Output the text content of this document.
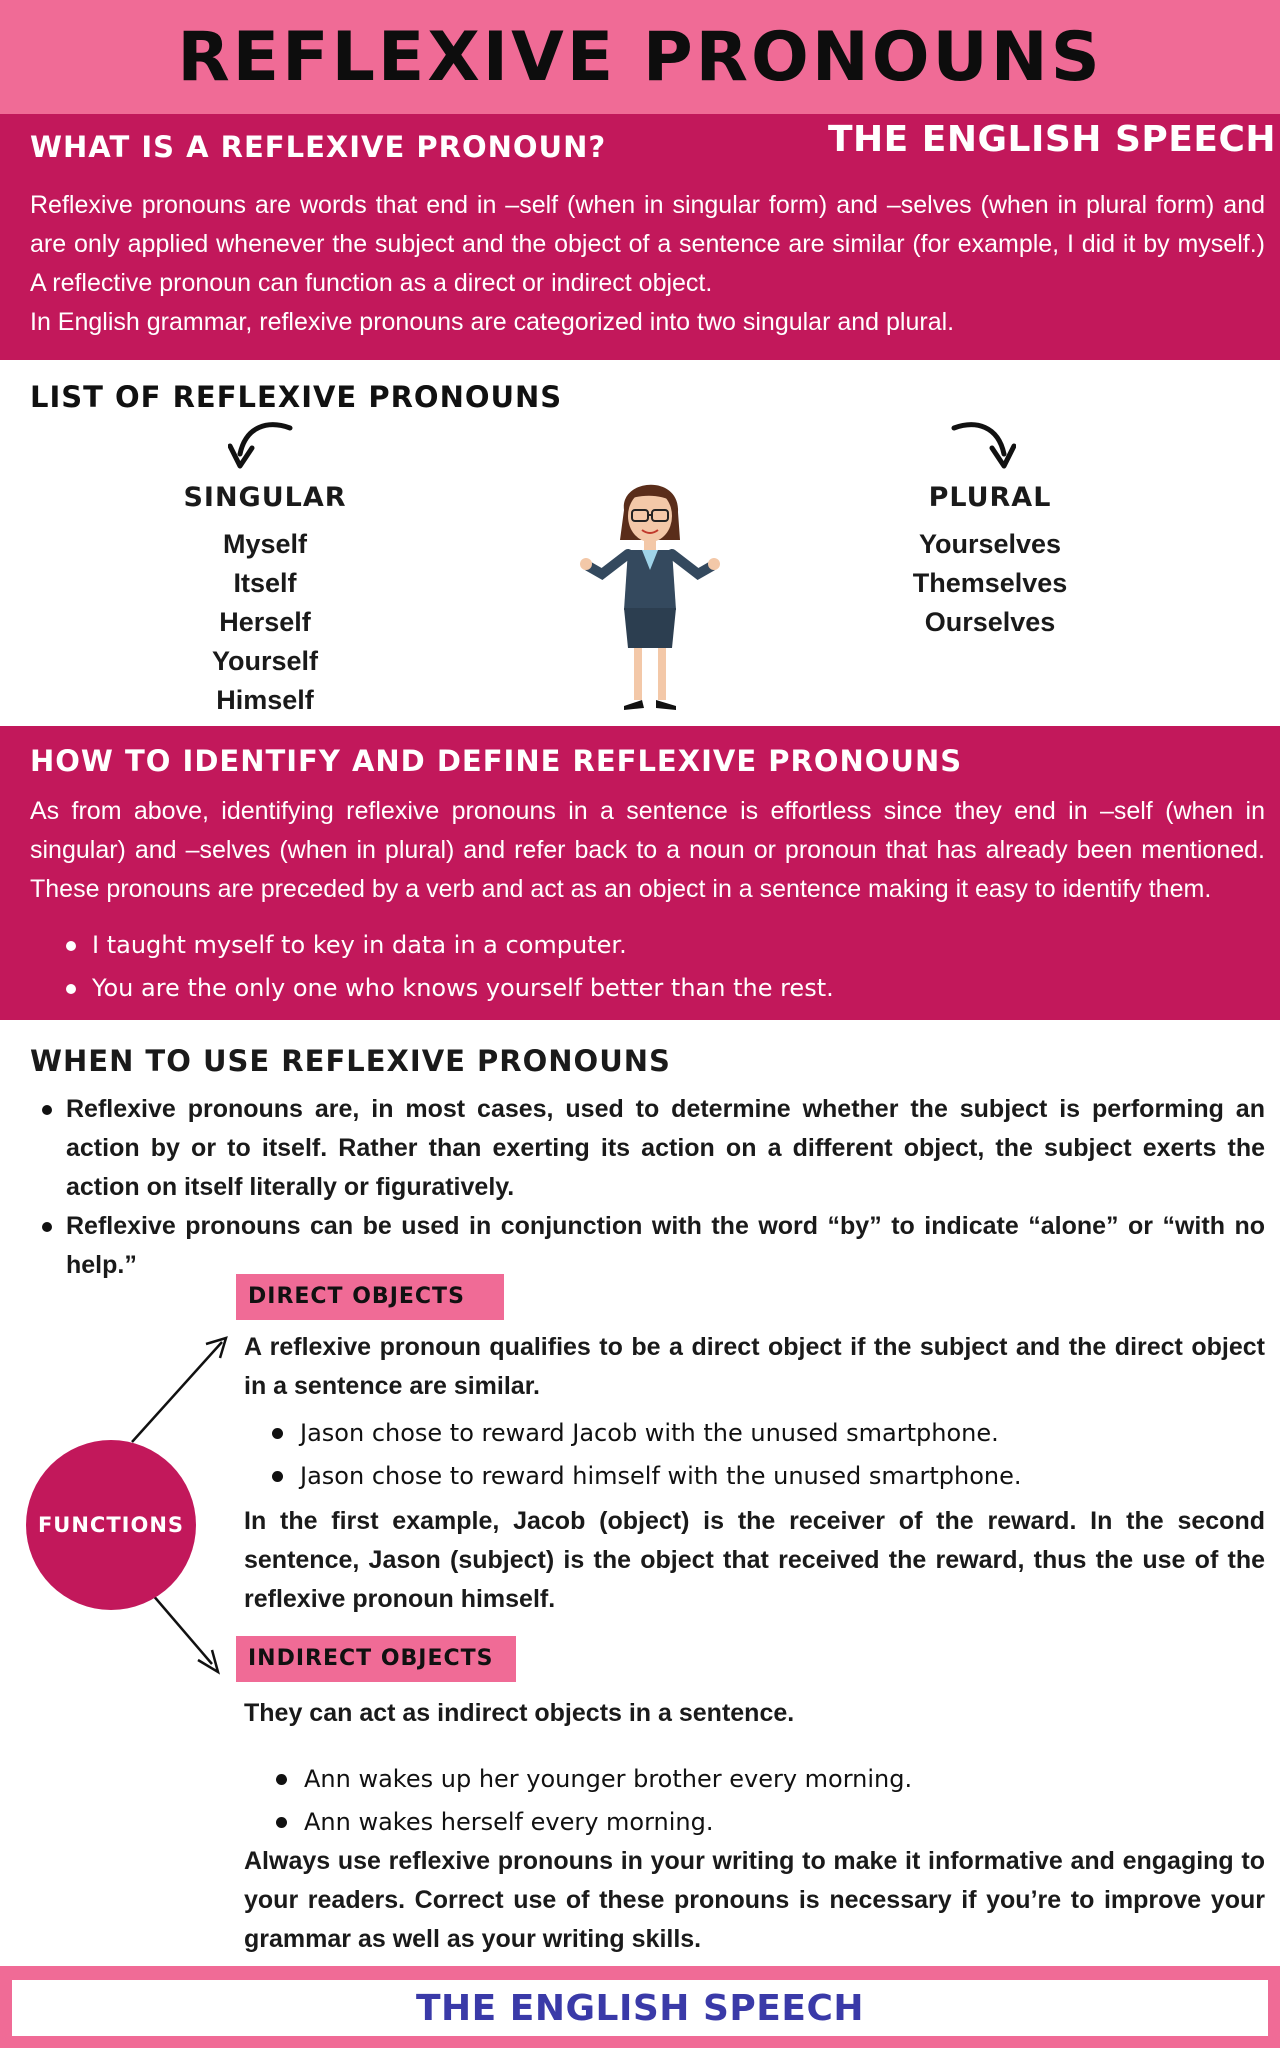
REFLEXIVE PRONOUNS
WHAT IS A REFLEXIVE PRONOUN?	THE ENGLISH SPEECH

Reflexive pronouns are words that end in –self (when in singular form) and –selves (when in plural form) and are only applied whenever the subject and the object of a sentence are similar (for example, I did it by myself.) A reflective pronoun can function as a direct or indirect object.

In English grammar, reflexive pronouns are categorized into two singular and plural.

LIST OF REFLEXIVE PRONOUNS
SINGULAR
Myself
Itself
Herself
Yourself
Himself
PLURAL
Yourselves
Themselves
Ourselves
HOW TO IDENTIFY AND DEFINE REFLEXIVE PRONOUNS

As from above, identifying reflexive pronouns in a sentence is effortless since they end in –self (when in singular) and –selves (when in plural) and refer back to a noun or pronoun that has already been mentioned. These pronouns are preceded by a verb and act as an object in a sentence making it easy to identify them.

I taught myself to key in data in a computer.
You are the only one who knows yourself better than the rest.
WHEN TO USE REFLEXIVE PRONOUNS
Reflexive pronouns are, in most cases, used to determine whether the subject is performing an action by or to itself. Rather than exerting its action on a different object, the subject exerts the action on itself literally or figuratively.
Reflexive pronouns can be used in conjunction with the word “by” to indicate “alone” or “with no help.”
FUNCTIONS
DIRECT OBJECTS

A reflexive pronoun qualifies to be a direct object if the subject and the direct object in a sentence are similar.

Jason chose to reward Jacob with the unused smartphone.
Jason chose to reward himself with the unused smartphone.

In the first example, Jacob (object) is the receiver of the reward. In the second sentence, Jason (subject) is the object that received the reward, thus the use of the reflexive pronoun himself.

INDIRECT OBJECTS

They can act as indirect objects in a sentence.

Ann wakes up her younger brother every morning.
Ann wakes herself every morning.

Always use reflexive pronouns in your writing to make it informative and engaging to your readers. Correct use of these pronouns is necessary if you’re to improve your grammar as well as your writing skills.

THE ENGLISH SPEECH
